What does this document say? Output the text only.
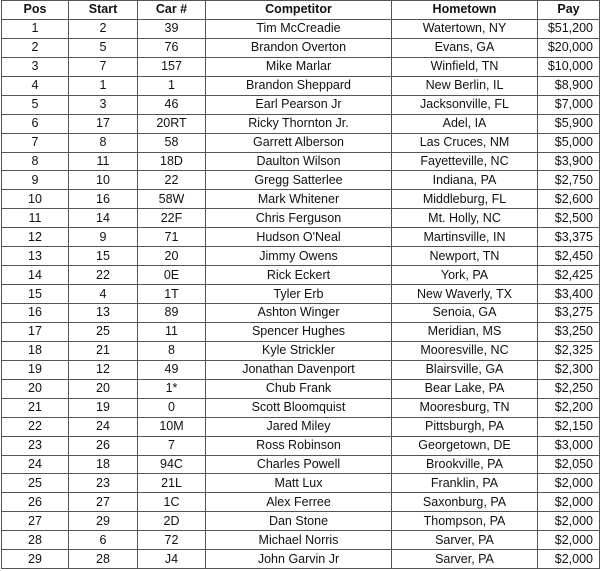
Pos	Start	Car #	Competitor	Hometown	Pay
1	2	39	Tim McCreadie	Watertown, NY	$51,200
2	5	76	Brandon Overton	Evans, GA	$20,000
3	7	157	Mike Marlar	Winfield, TN	$10,000
4	1	1	Brandon Sheppard	New Berlin, IL	$8,900
5	3	46	Earl Pearson Jr	Jacksonville, FL	$7,000
6	17	20RT	Ricky Thornton Jr.	Adel, IA	$5,900
7	8	58	Garrett Alberson	Las Cruces, NM	$5,000
8	11	18D	Daulton Wilson	Fayetteville, NC	$3,900
9	10	22	Gregg Satterlee	Indiana, PA	$2,750
10	16	58W	Mark Whitener	Middleburg, FL	$2,600
11	14	22F	Chris Ferguson	Mt. Holly, NC	$2,500
12	9	71	Hudson O'Neal	Martinsville, IN	$3,375
13	15	20	Jimmy Owens	Newport, TN	$2,450
14	22	0E	Rick Eckert	York, PA	$2,425
15	4	1T	Tyler Erb	New Waverly, TX	$3,400
16	13	89	Ashton Winger	Senoia, GA	$3,275
17	25	11	Spencer Hughes	Meridian, MS	$3,250
18	21	8	Kyle Strickler	Mooresville, NC	$2,325
19	12	49	Jonathan Davenport	Blairsville, GA	$2,300
20	20	1*	Chub Frank	Bear Lake, PA	$2,250
21	19	0	Scott Bloomquist	Mooresburg, TN	$2,200
22	24	10M	Jared Miley	Pittsburgh, PA	$2,150
23	26	7	Ross Robinson	Georgetown, DE	$3,000
24	18	94C	Charles Powell	Brookville, PA	$2,050
25	23	21L	Matt Lux	Franklin, PA	$2,000
26	27	1C	Alex Ferree	Saxonburg, PA	$2,000
27	29	2D	Dan Stone	Thompson, PA	$2,000
28	6	72	Michael Norris	Sarver, PA	$2,000
29	28	J4	John Garvin Jr	Sarver, PA	$2,000
